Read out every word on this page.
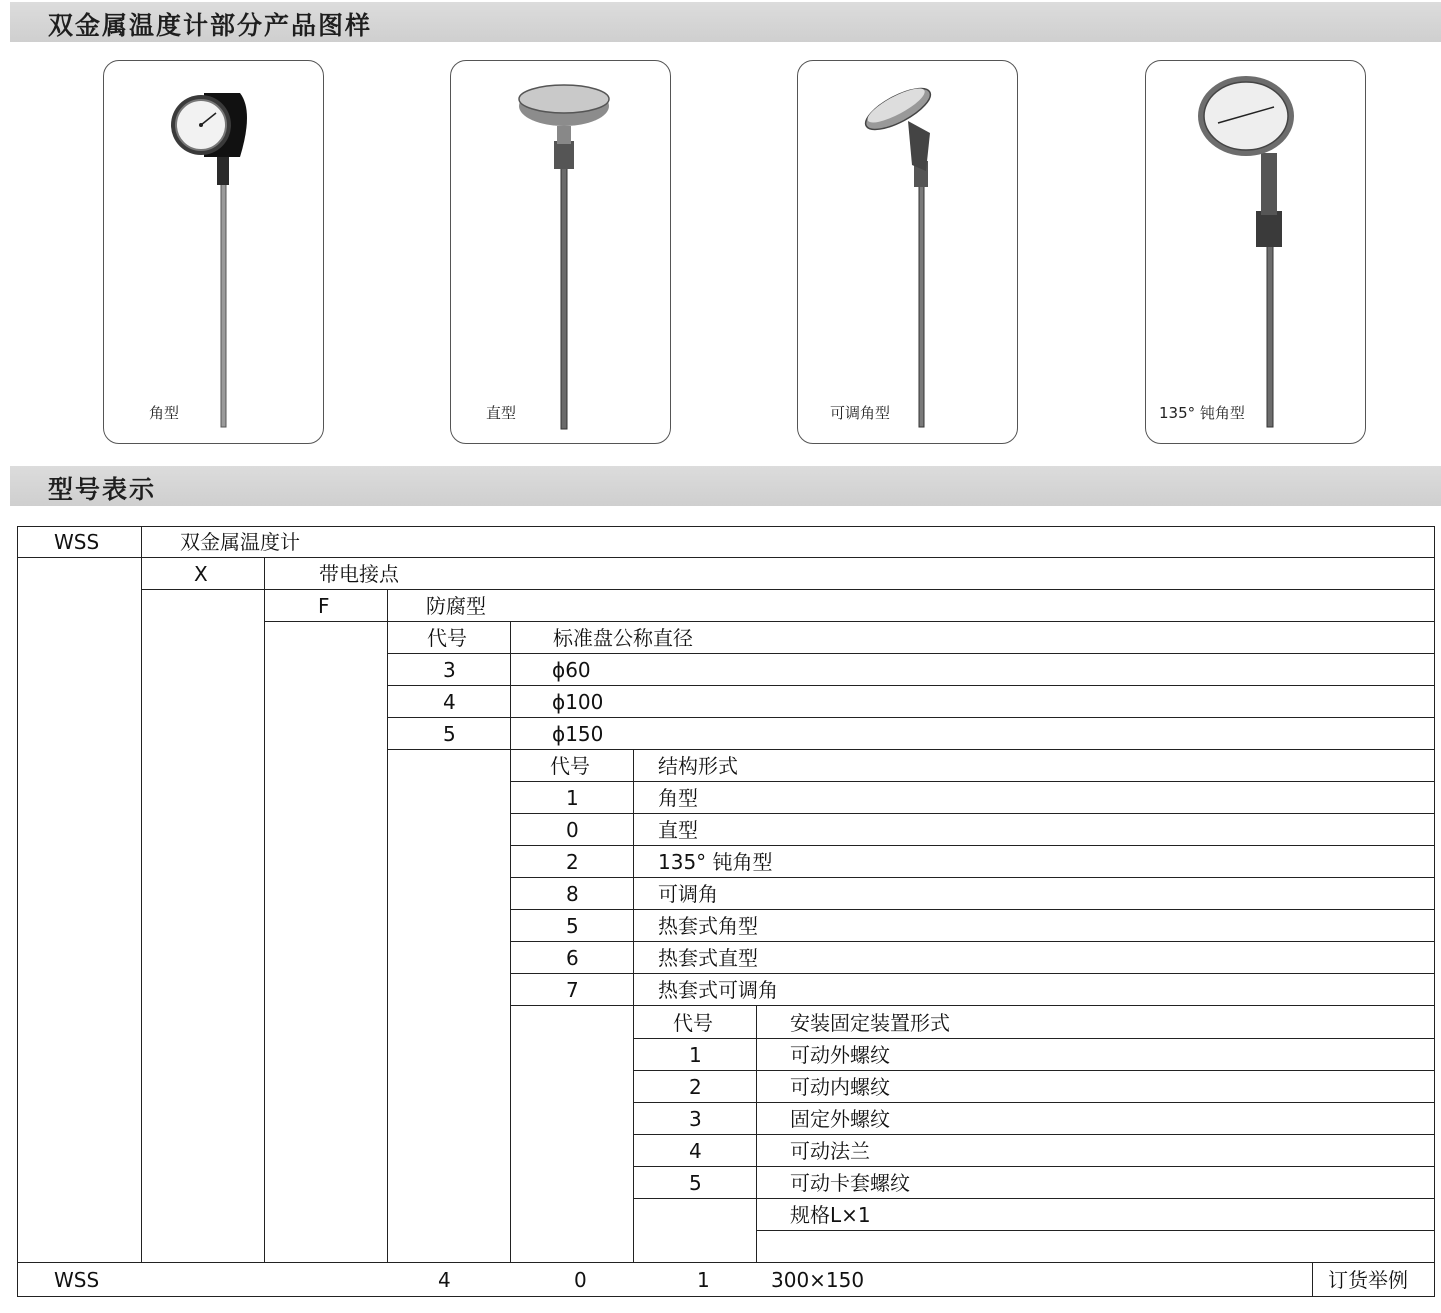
双金属温度计部分产品图样
角型	直型	可调角型	135° 钝角型
型号表示
WSS	双金属温度计
X	带电接点
F	防腐型
代号	标准盘公称直径
3	ϕ60
4	ϕ100
5	ϕ150
代号	结构形式
1	角型
0	直型
2	135° 钝角型
8	可调角
5	热套式角型
6	热套式直型
7	热套式可调角
代号	安装固定装置形式
1	可动外螺纹
2	可动内螺纹
3	固定外螺纹
4	可动法兰
5	可动卡套螺纹
规格L×1
WSS	4	0	1	300×150	订货举例
